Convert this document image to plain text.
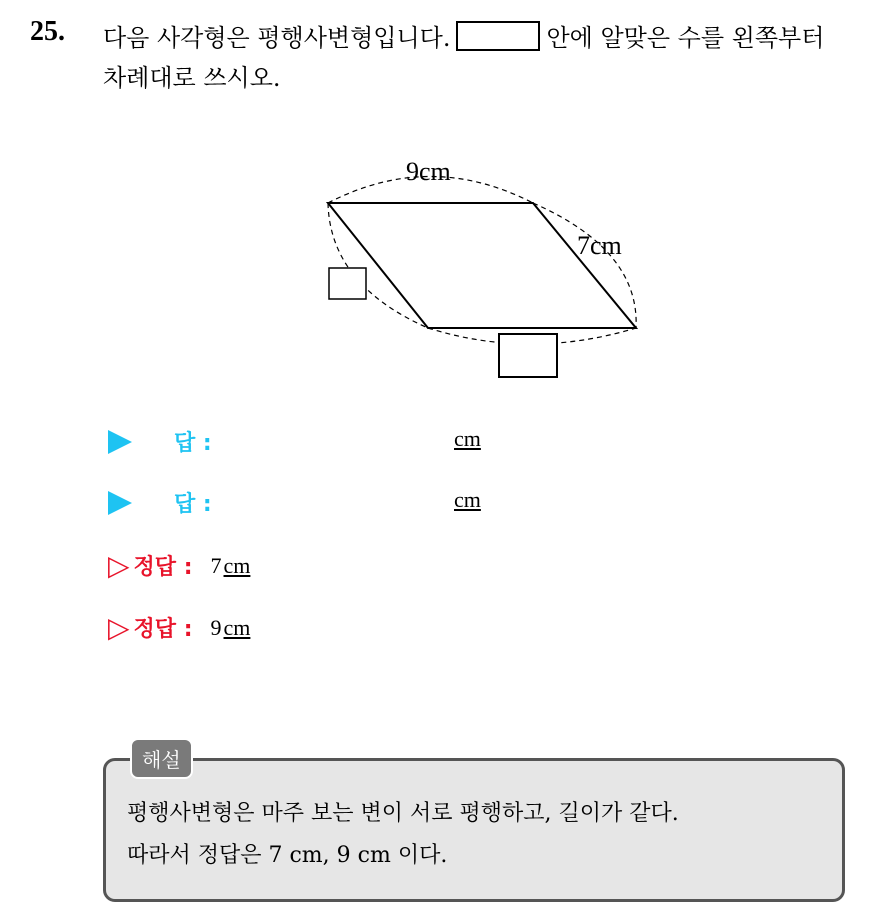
25. 다음 사각형은 평행사변형입니다.	안에 알맞은 수를 왼쪽부터
차례대로 쓰시오.
9cm
7cm
답 :	cm
답 :	cm
▷ 정답 : 7 cm
▷ 정답 : 9 cm
해설
평행사변형은 마주 보는 변이 서로 평행하고, 길이가 같다.
따라서 정답은 7 cm, 9 cm 이다.
